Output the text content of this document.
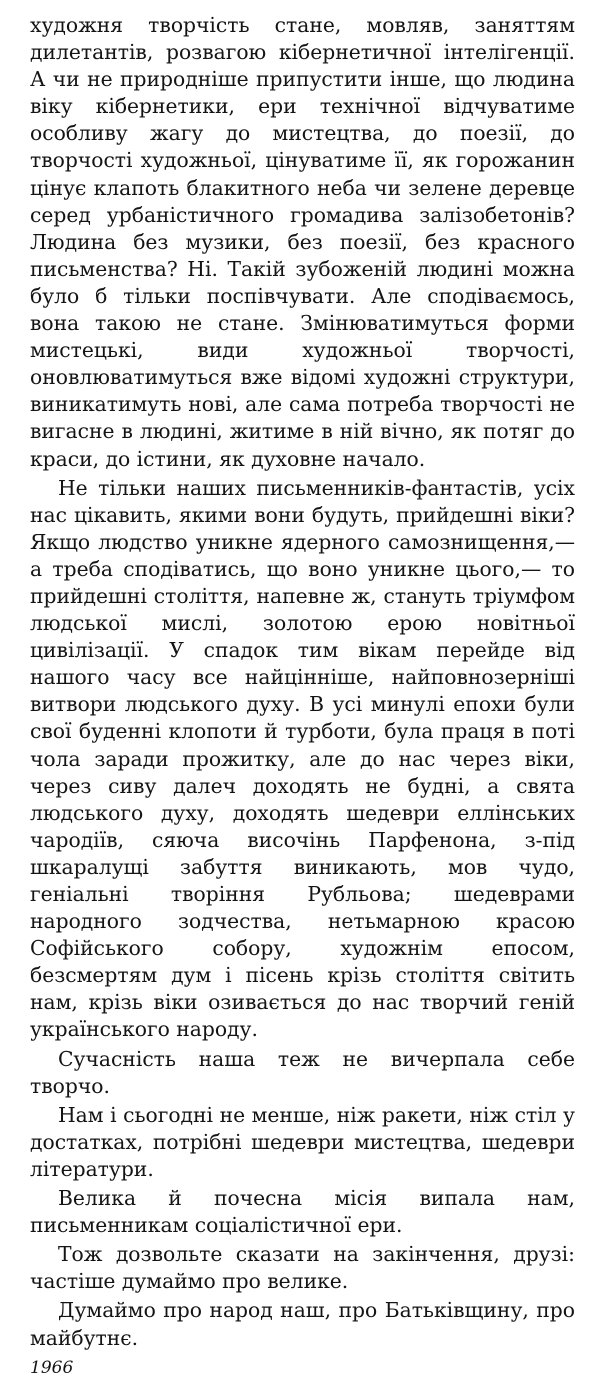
художня творчість стане, мовляв, заняттям дилетантів, розвагою кібернетичної інтелігенції. А чи не природніше припустити інше, що людина віку кібернетики, ери технічної відчуватиме особливу жагу до мистецтва, до поезії, до творчості художньої, цінуватиме її, як горожанин цінує клапоть блакитного неба чи зелене деревце серед урбаністичного громадива залізобетонів? Людина без музики, без поезії, без красного письменства? Ні. Такій зубоженій людині можна було б тільки поспівчувати. Але сподіваємось, вона такою не стане. Змінюватимуться форми мистецькі, види художньої творчості, оновлюватимуться вже відомі художні структури, виникатимуть нові, але сама потреба творчості не вигасне в людині, житиме в ній вічно, як потяг до краси, до істини, як духовне начало.

Не тільки наших письменників-фантастів, усіх нас цікавить, якими вони будуть, прийдешні віки? Якщо людство уникне ядерного самознищення,— а треба сподіватись, що воно уникне цього,— то прийдешні століття, напевне ж, стануть тріумфом людської мислі, золотою ерою новітньої цивілізації. У спадок тим вікам перейде від нашого часу все найцінніше, найповнозерніші витвори людського духу. В усі минулі епохи були свої буденні клопоти й турботи, була праця в поті чола заради прожитку, але до нас через віки, через сиву далеч доходять не будні, а свята людського духу, доходять шедеври еллінських чародіїв, сяюча височінь Парфенона, з-під шкаралущі забуття виникають, мов чудо, геніальні творіння Рубльова; шедеврами народного зодчества, нетьмарною красою Софійського собору, художнім епосом, безсмертям дум і пісень крізь століття світить нам, крізь віки озивається до нас творчий геній українського народу.

Сучасність наша теж не вичерпала себе творчо.

Нам і сьогодні не менше, ніж ракети, ніж стіл у достатках, потрібні шедеври мистецтва, шедеври літератури.

Велика й почесна місія випала нам, письменникам соціалістичної ери.

Тож дозвольте сказати на закінчення, друзі: частіше думаймо про велике.

Думаймо про народ наш, про Батьківщину, про майбутнє.

1966
